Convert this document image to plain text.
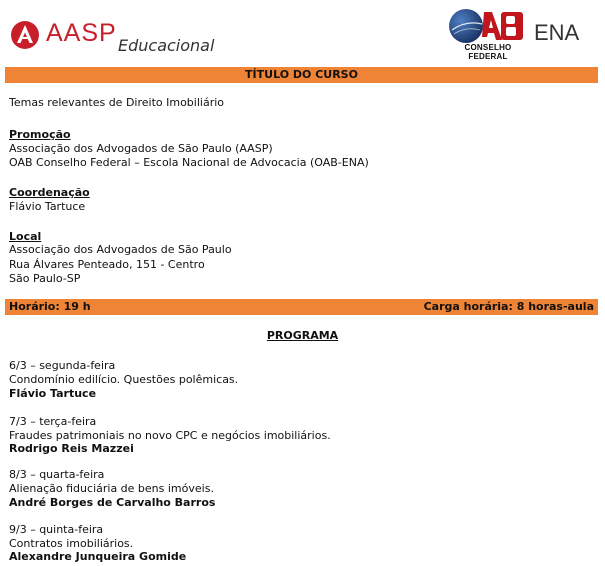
AASP Educacional	CONSELHO FEDERAL
ENA
TÍTULO DO CURSO
Temas relevantes de Direito Imobiliário
Promoção
Associação dos Advogados de São Paulo (AASP)
OAB Conselho Federal – Escola Nacional de Advocacia (OAB-ENA)
Coordenação
Flávio Tartuce
Local
Associação dos Advogados de São Paulo
Rua Álvares Penteado, 151 - Centro
São Paulo-SP
Horário: 19 h	Carga horária: 8 horas-aula
PROGRAMA
6/3 – segunda-feira
Condomínio edilício. Questões polêmicas.
Flávio Tartuce
7/3 – terça-feira
Fraudes patrimoniais no novo CPC e negócios imobiliários.
Rodrigo Reis Mazzei
8/3 – quarta-feira
Alienação fiduciária de bens imóveis.
André Borges de Carvalho Barros
9/3 – quinta-feira
Contratos imobiliários.
Alexandre Junqueira Gomide
